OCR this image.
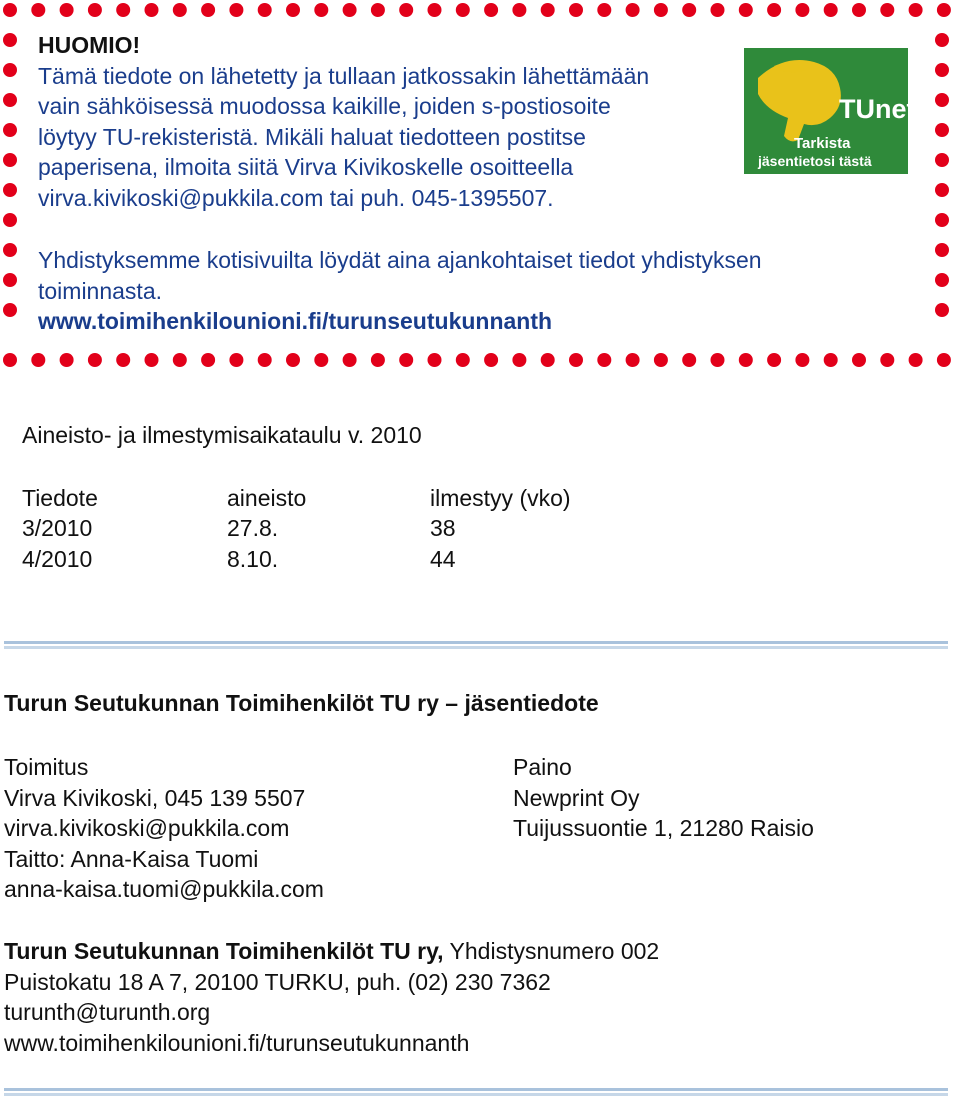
HUOMIO!

Tämä tiedote on lähetetty ja tullaan jatkossakin lähettämään

vain sähköisessä muodossa kaikille, joiden s-postiosoite

löytyy TU-rekisteristä. Mikäli haluat tiedotteen postitse

paperisena, ilmoita siitä Virva Kivikoskelle osoitteella

virva.kivikoski@pukkila.com tai puh. 045-1395507.

Yhdistyksemme kotisivuilta löydät aina ajankohtaiset tiedot yhdistyksen

toiminnasta.

www.toimihenkilounioni.fi/turunseutukunnanth

TUnet
Tarkista
jäsentietosi tästä

Aineisto- ja ilmestymisaikataulu v. 2010

Tiedote	aineisto	ilmestyy (vko)
3/2010	27.8.	38
4/2010	8.10.	44
Turun Seutukunnan Toimihenkilöt TU ry – jäsentiedote

Toimitus

Virva Kivikoski, 045 139 5507

virva.kivikoski@pukkila.com

Taitto: Anna-Kaisa Tuomi

anna-kaisa.tuomi@pukkila.com

Paino

Newprint Oy

Tuijussuontie 1, 21280 Raisio

Turun Seutukunnan Toimihenkilöt TU ry, Yhdistysnumero 002

Puistokatu 18 A 7, 20100 TURKU, puh. (02) 230 7362

turunth@turunth.org

www.toimihenkilounioni.fi/turunseutukunnanth
